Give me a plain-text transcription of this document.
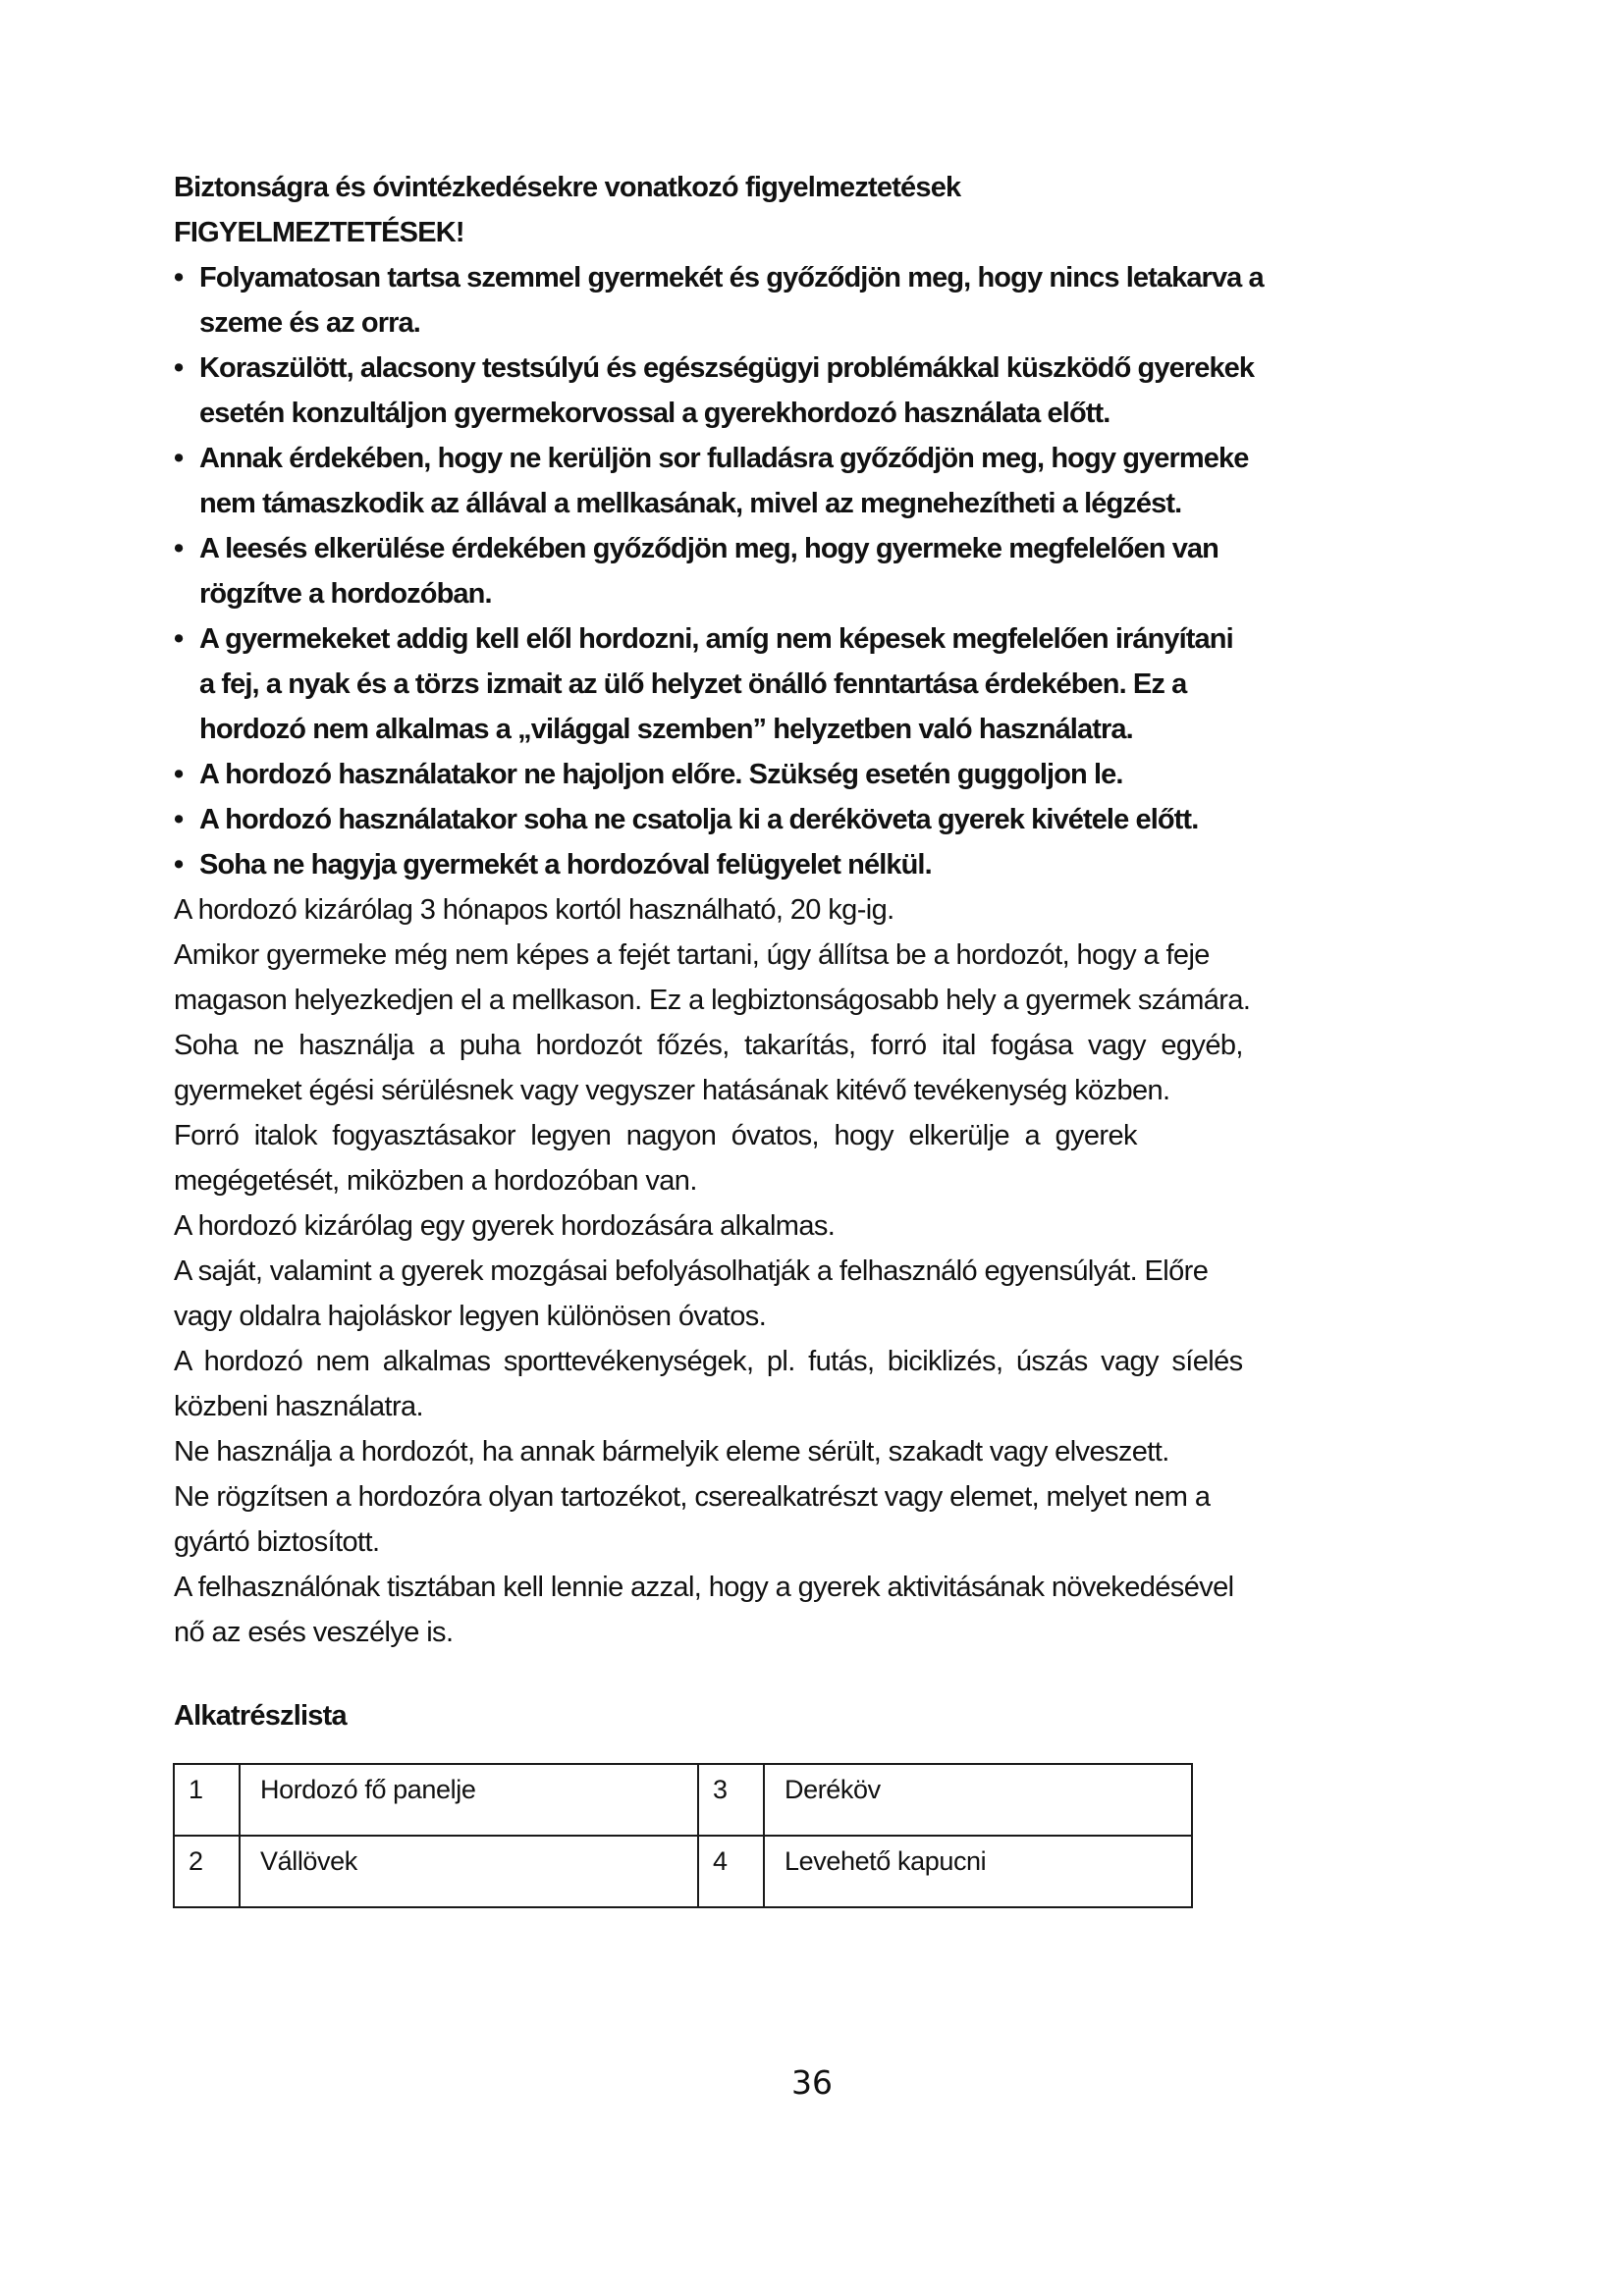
Biztonságra és óvintézkedésekre vonatkozó figyelmeztetések
FIGYELMEZTETÉSEK!
• Folyamatosan tartsa szemmel gyermekét és győződjön meg, hogy nincs letakarva a
szeme és az orra.
• Koraszülött, alacsony testsúlyú és egészségügyi problémákkal küszködő gyerekek
esetén konzultáljon gyermekorvossal a gyerekhordozó használata előtt.
• Annak érdekében, hogy ne kerüljön sor fulladásra győződjön meg, hogy gyermeke
nem támaszkodik az állával a mellkasának, mivel az megnehezítheti a légzést.
• A leesés elkerülése érdekében győződjön meg, hogy gyermeke megfelelően van
rögzítve a hordozóban.
• A gyermekeket addig kell elől hordozni, amíg nem képesek megfelelően irányítani
a fej, a nyak és a törzs izmait az ülő helyzet önálló fenntartása érdekében. Ez a
hordozó nem alkalmas a „világgal szemben” helyzetben való használatra.
• A hordozó használatakor ne hajoljon előre. Szükség esetén guggoljon le.
• A hordozó használatakor soha ne csatolja ki a deréköveta gyerek kivétele előtt.
• Soha ne hagyja gyermekét a hordozóval felügyelet nélkül.
A hordozó kizárólag 3 hónapos kortól használható, 20 kg-ig.
Amikor gyermeke még nem képes a fejét tartani, úgy állítsa be a hordozót, hogy a feje
magason helyezkedjen el a mellkason. Ez a legbiztonságosabb hely a gyermek számára.
Soha ne használja a puha hordozót főzés, takarítás, forró ital fogása vagy egyéb,
gyermeket égési sérülésnek vagy vegyszer hatásának kitévő tevékenység közben.
Forró italok fogyasztásakor legyen nagyon óvatos, hogy elkerülje a gyerek
megégetését, miközben a hordozóban van.
A hordozó kizárólag egy gyerek hordozására alkalmas.
A saját, valamint a gyerek mozgásai befolyásolhatják a felhasználó egyensúlyát. Előre
vagy oldalra hajoláskor legyen különösen óvatos.
A hordozó nem alkalmas sporttevékenységek, pl. futás, biciklizés, úszás vagy síelés
közbeni használatra.
Ne használja a hordozót, ha annak bármelyik eleme sérült, szakadt vagy elveszett.
Ne rögzítsen a hordozóra olyan tartozékot, cserealkatrészt vagy elemet, melyet nem a
gyártó biztosított.
A felhasználónak tisztában kell lennie azzal, hogy a gyerek aktivitásának növekedésével
nő az esés veszélye is.
Alkatrészlista
1	Hordozó fő panelje	3	Deréköv
2	Vállövek	4	Levehető kapucni
36
